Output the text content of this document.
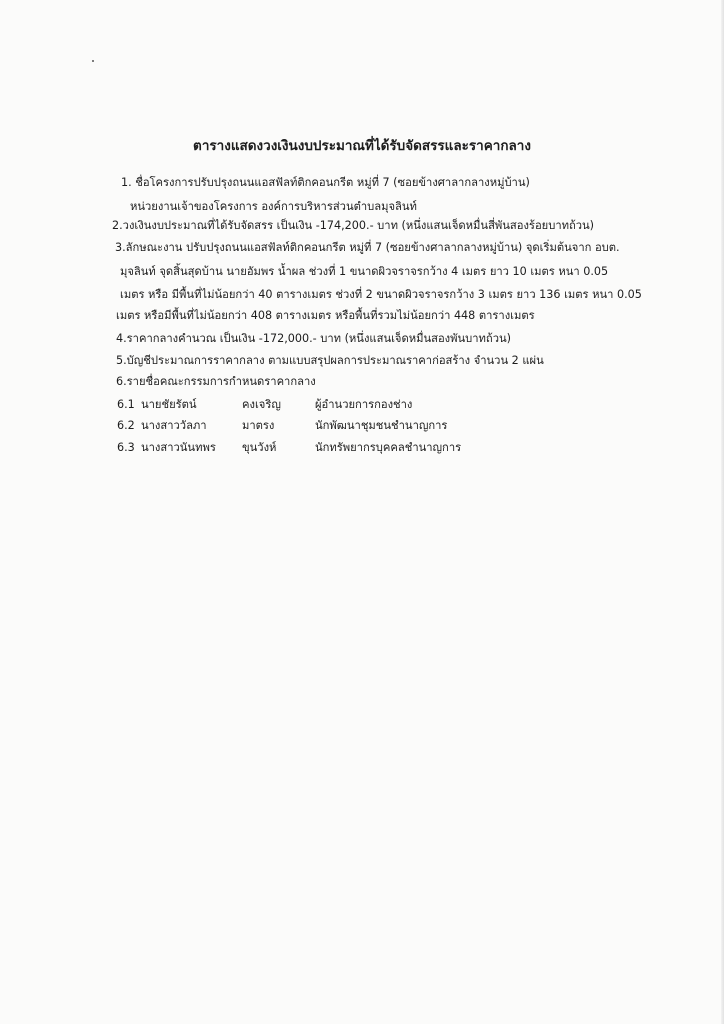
ตารางแสดงวงเงินงบประมาณที่ได้รับจัดสรรและราคากลาง
1. ชื่อโครงการปรับปรุงถนนแอสฟัลท์ติกคอนกรีต หมู่ที่ 7 (ซอยข้างศาลากลางหมู่บ้าน)
หน่วยงานเจ้าของโครงการ องค์การบริหารส่วนตำบลมุจลินท์
2.วงเงินงบประมาณที่ได้รับจัดสรร เป็นเงิน -174,200.- บาท (หนึ่งแสนเจ็ดหมื่นสี่พันสองร้อยบาทถ้วน)
3.ลักษณะงาน ปรับปรุงถนนแอสฟัลท์ติกคอนกรีต หมู่ที่ 7 (ซอยข้างศาลากลางหมู่บ้าน) จุดเริ่มต้นจาก อบต.
มุจลินท์ จุดสิ้นสุดบ้าน นายอัมพร น้ำผล ช่วงที่ 1 ขนาดผิวจราจรกว้าง 4 เมตร ยาว 10 เมตร หนา 0.05
เมตร หรือ มีพื้นที่ไม่น้อยกว่า 40 ตารางเมตร ช่วงที่ 2 ขนาดผิวจราจรกว้าง 3 เมตร ยาว 136 เมตร หนา 0.05
เมตร หรือมีพื้นที่ไม่น้อยกว่า 408 ตารางเมตร หรือพื้นที่รวมไม่น้อยกว่า 448 ตารางเมตร
4.ราคากลางคำนวณ เป็นเงิน -172,000.- บาท (หนึ่งแสนเจ็ดหมื่นสองพันบาทถ้วน)
5.บัญชีประมาณการราคากลาง ตามแบบสรุปผลการประมาณราคาก่อสร้าง จำนวน 2 แผ่น
6.รายชื่อคณะกรรมการกำหนดราคากลาง
6.1 นายชัยรัตน์	คงเจริญ	ผู้อำนวยการกองช่าง
6.2 นางสาววัลภา	มาตรง	นักพัฒนาชุมชนชำนาญการ
6.3 นางสาวนันทพร ขุนวังห์	นักทรัพยากรบุคคลชำนาญการ
